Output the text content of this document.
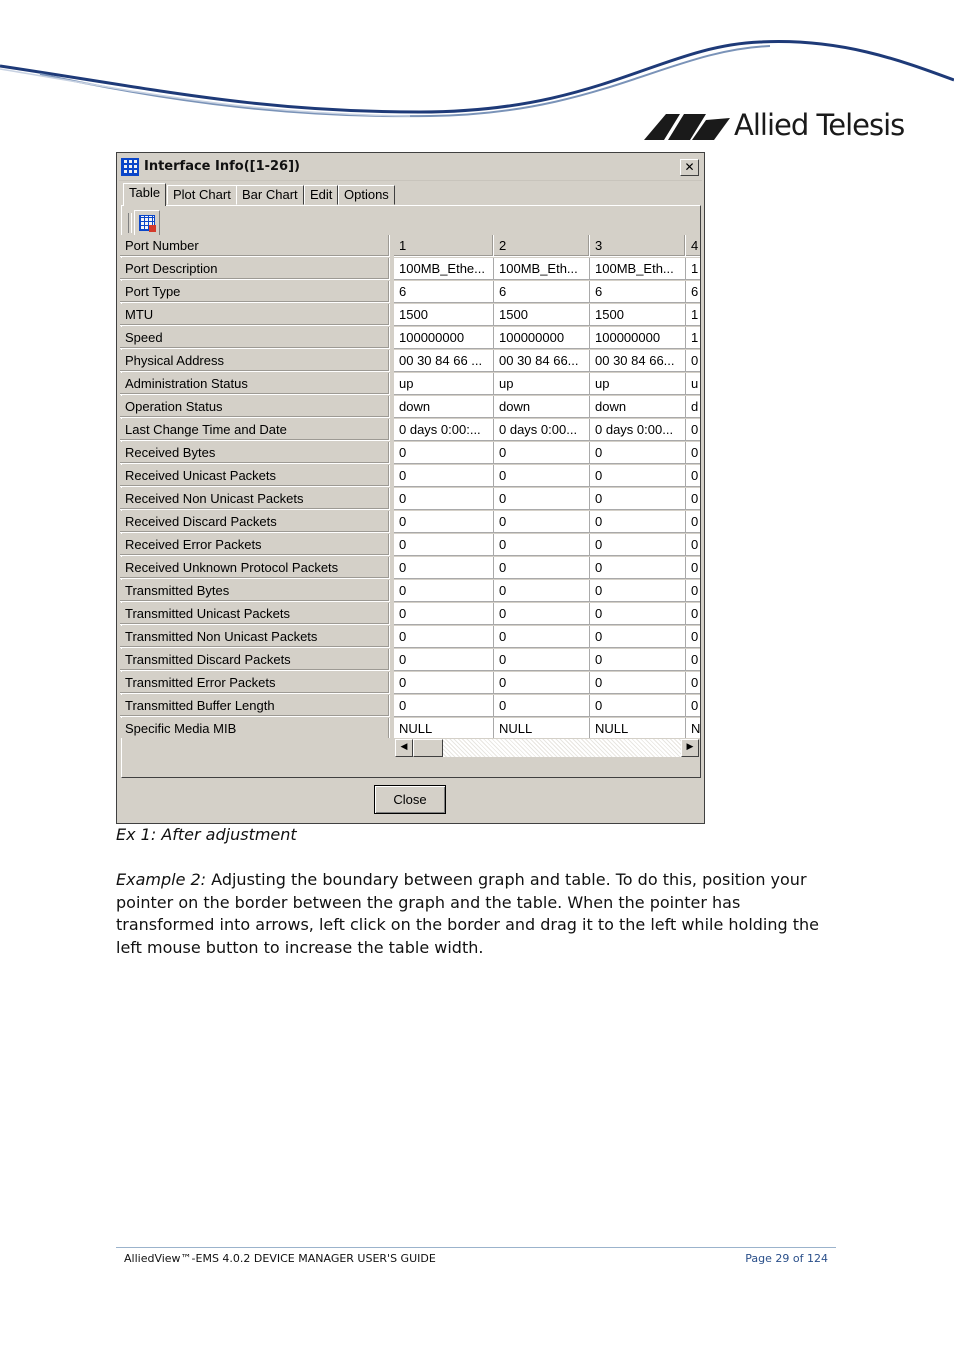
Allied Telesis
Interface Info([1-26])	✕
Table Plot Chart Bar Chart Edit Options
Port Number	1	2	3	4
Port Description	100MB_Ethe...	100MB_Eth...	100MB_Eth...	1
Port Type	6	6	6	6
MTU	1500	1500	1500	1
Speed	100000000	100000000	100000000	1
Physical Address	00 30 84 66 ...	00 30 84 66...	00 30 84 66...	0
Administration Status	up	up	up	u
Operation Status	down	down	down	d
Last Change Time and Date	0 days 0:00:...	0 days 0:00...	0 days 0:00...	0
Received Bytes	0	0	0	0
Received Unicast Packets	0	0	0	0
Received Non Unicast Packets	0	0	0	0
Received Discard Packets	0	0	0	0
Received Error Packets	0	0	0	0
Received Unknown Protocol Packets	0	0	0	0
Transmitted Bytes	0	0	0	0
Transmitted Unicast Packets	0	0	0	0
Transmitted Non Unicast Packets	0	0	0	0
Transmitted Discard Packets	0	0	0	0
Transmitted Error Packets	0	0	0	0
Transmitted Buffer Length	0	0	0	0
Specific Media MIB	NULL	NULL	NULL	N
◀	▶
Close
Ex 1: After adjustment
Example 2: Adjusting the boundary between graph and table. To do this, position your pointer on the border between the graph and the table. When the pointer has transformed into arrows, left click on the border and drag it to the left while holding the left mouse button to increase the table width.
AlliedView™-EMS 4.0.2 DEVICE MANAGER USER'S GUIDE	Page 29 of 124
